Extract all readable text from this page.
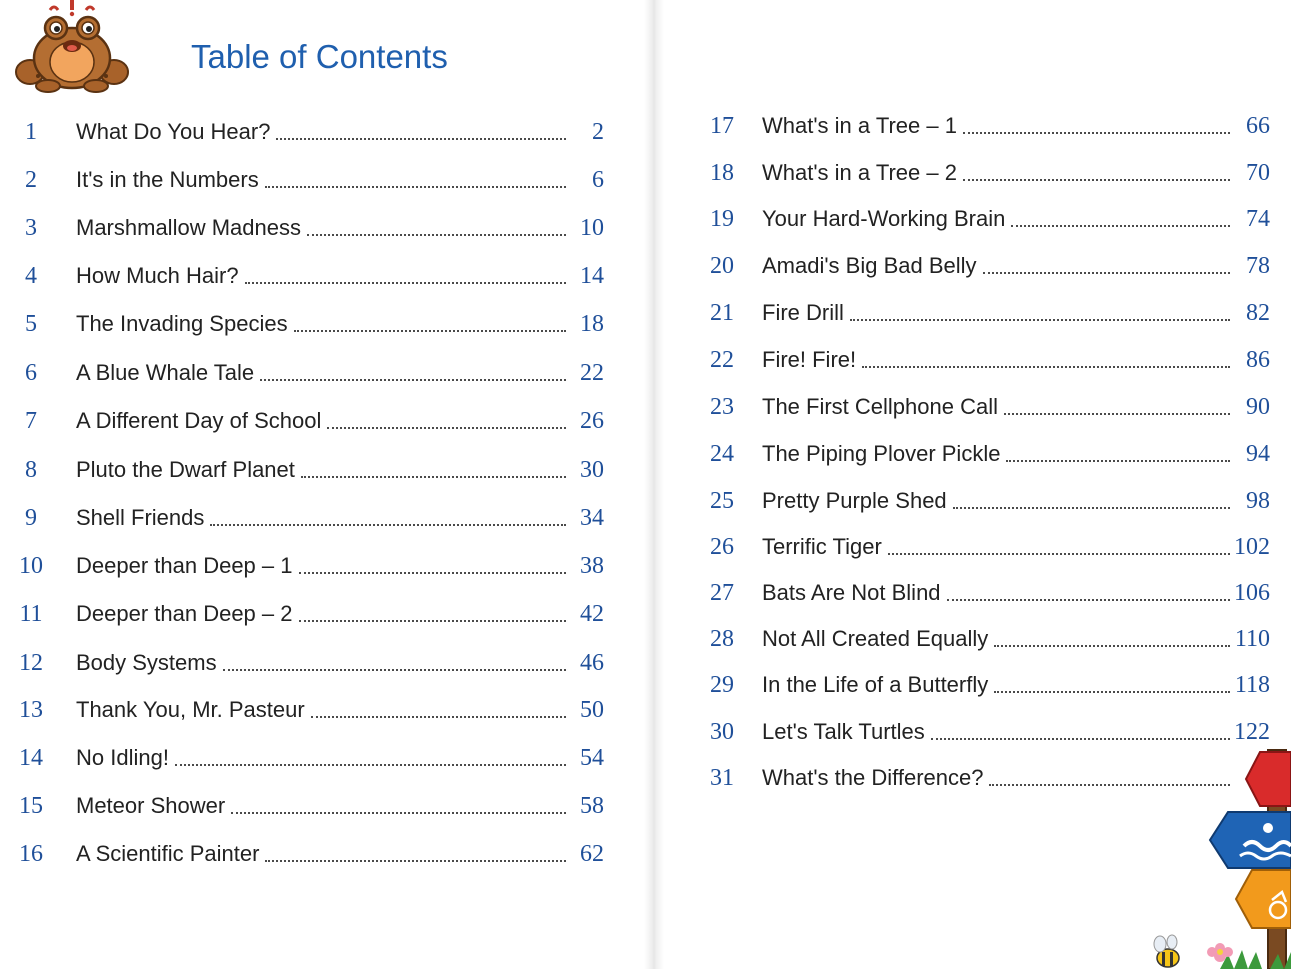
Table of Contents
1	What Do You Hear?	2
2	It's in the Numbers	6
3	Marshmallow Madness	10
4	How Much Hair?	14
5	The Invading Species	18
6	A Blue Whale Tale	22
7	A Different Day of School	26
8	Pluto the Dwarf Planet	30
9	Shell Friends	34
10	Deeper than Deep – 1	38
11	Deeper than Deep – 2	42
12	Body Systems	46
13	Thank You, Mr. Pasteur	50
14	No Idling!	54
15	Meteor Shower	58
16	A Scientific Painter	62
17	What's in a Tree – 1	66
18	What's in a Tree – 2	70
19	Your Hard-Working Brain	74
20	Amadi's Big Bad Belly	78
21	Fire Drill	82
22	Fire! Fire!	86
23	The First Cellphone Call	90
24	The Piping Plover Pickle	94
25	Pretty Purple Shed	98
26	Terrific Tiger	102
27	Bats Are Not Blind	106
28	Not All Created Equally	110
29	In the Life of a Butterfly	118
30	Let's Talk Turtles	122
31	What's the Difference?
